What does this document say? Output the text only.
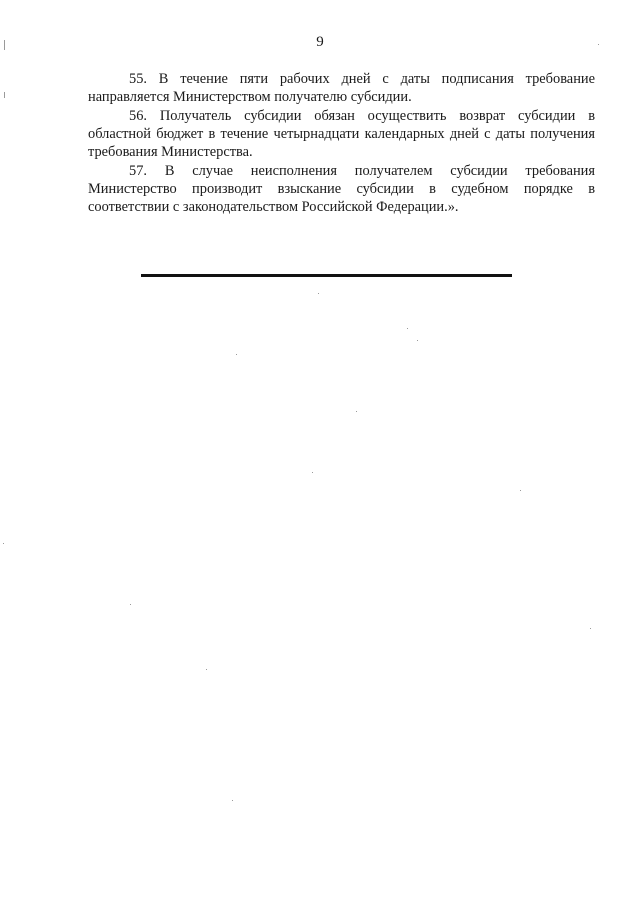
9

55. В течение пяти рабочих дней с даты подписания требование направляется Министерством получателю субсидии.

56. Получатель субсидии обязан осуществить возврат субсидии в областной бюджет в течение четырнадцати календарных дней с даты получения требования Министерства.

57. В случае неисполнения получателем субсидии требования Министерство производит взыскание субсидии в судебном порядке в соответствии с законодательством Российской Федерации.».
